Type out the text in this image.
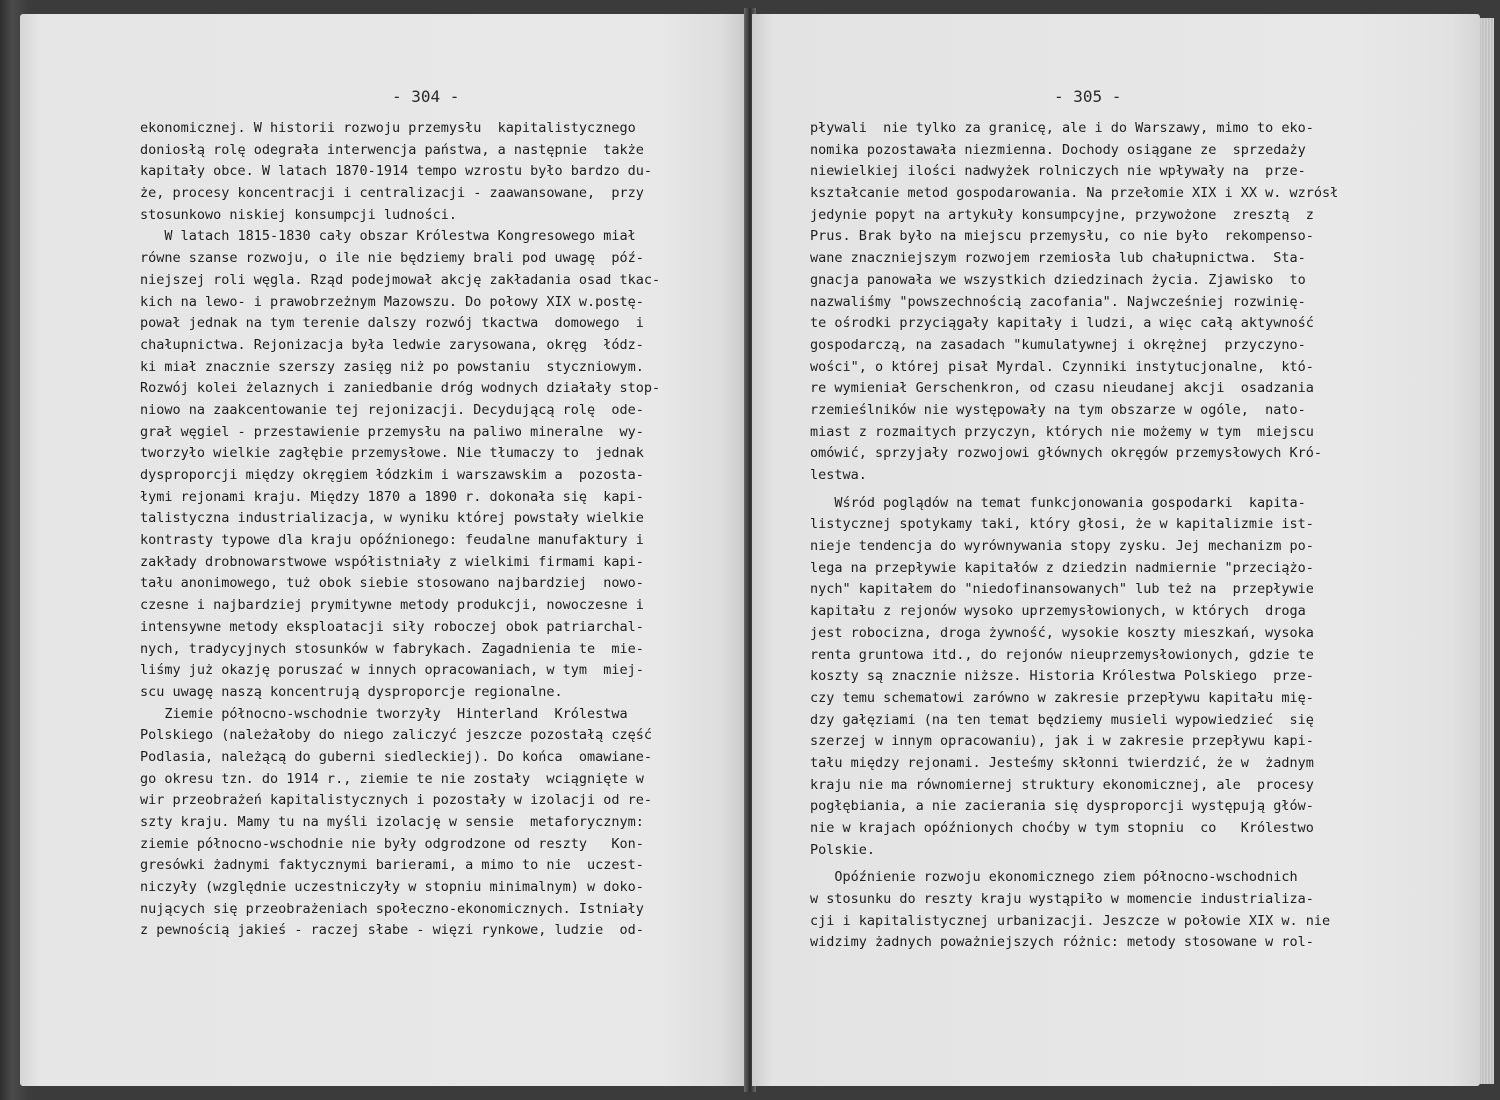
- 304 -
ekonomicznej. W historii rozwoju przemysłu  kapitalistycznego
doniosłą rolę odegrała interwencja państwa, a następnie  także
kapitały obce. W latach 1870-1914 tempo wzrostu było bardzo du-
że, procesy koncentracji i centralizacji - zaawansowane,  przy
stosunkowo niskiej konsumpcji ludności.
W latach 1815-1830 cały obszar Królestwa Kongresowego miał
równe szanse rozwoju, o ile nie będziemy brali pod uwagę  póź-
niejszej roli węgla. Rząd podejmował akcję zakładania osad tkac-
kich na lewo- i prawobrzeżnym Mazowszu. Do połowy XIX w.postę-
pował jednak na tym terenie dalszy rozwój tkactwa  domowego  i
chałupnictwa. Rejonizacja była ledwie zarysowana, okręg  łódz-
ki miał znacznie szerszy zasięg niż po powstaniu  styczniowym.
Rozwój kolei żelaznych i zaniedbanie dróg wodnych działały stop-
niowo na zaakcentowanie tej rejonizacji. Decydującą rolę  ode-
grał węgiel - przestawienie przemysłu na paliwo mineralne  wy-
tworzyło wielkie zagłębie przemysłowe. Nie tłumaczy to  jednak
dysproporcji między okręgiem łódzkim i warszawskim a  pozosta-
łymi rejonami kraju. Między 1870 a 1890 r. dokonała się  kapi-
talistyczna industrializacja, w wyniku której powstały wielkie
kontrasty typowe dla kraju opóźnionego: feudalne manufaktury i
zakłady drobnowarstwowe współistniały z wielkimi firmami kapi-
tału anonimowego, tuż obok siebie stosowano najbardziej  nowo-
czesne i najbardziej prymitywne metody produkcji, nowoczesne i
intensywne metody eksploatacji siły roboczej obok patriarchal-
nych, tradycyjnych stosunków w fabrykach. Zagadnienia te  mie-
liśmy już okazję poruszać w innych opracowaniach, w tym  miej-
scu uwagę naszą koncentrują dysproporcje regionalne.
Ziemie północno-wschodnie tworzyły  Hinterland  Królestwa
Polskiego (należałoby do niego zaliczyć jeszcze pozostałą część
Podlasia, należącą do guberni siedleckiej). Do końca  omawiane-
go okresu tzn. do 1914 r., ziemie te nie zostały  wciągnięte w
wir przeobrażeń kapitalistycznych i pozostały w izolacji od re-
szty kraju. Mamy tu na myśli izolację w sensie  metaforycznym:
ziemie północno-wschodnie nie były odgrodzone od reszty   Kon-
gresówki żadnymi faktycznymi barierami, a mimo to nie  uczest-
niczyły (względnie uczestniczyły w stopniu minimalnym) w doko-
nujących się przeobrażeniach społeczno-ekonomicznych. Istniały
z pewnością jakieś - raczej słabe - więzi rynkowe, ludzie  od-
- 305 -
pływali  nie tylko za granicę, ale i do Warszawy, mimo to eko-
nomika pozostawała niezmienna. Dochody osiągane ze  sprzedaży
niewielkiej ilości nadwyżek rolniczych nie wpływały na  prze-
kształcanie metod gospodarowania. Na przełomie XIX i XX w. wzrósł
jedynie popyt na artykuły konsumpcyjne, przywożone  zresztą  z
Prus. Brak było na miejscu przemysłu, co nie było  rekompenso-
wane znaczniejszym rozwojem rzemiosła lub chałupnictwa.  Sta-
gnacja panowała we wszystkich dziedzinach życia. Zjawisko  to
nazwaliśmy "powszechnością zacofania". Najwcześniej rozwinię-
te ośrodki przyciągały kapitały i ludzi, a więc całą aktywność
gospodarczą, na zasadach "kumulatywnej i okrężnej  przyczyno-
wości", o której pisał Myrdal. Czynniki instytucjonalne,  któ-
re wymieniał Gerschenkron, od czasu nieudanej akcji  osadzania
rzemieślników nie występowały na tym obszarze w ogóle,  nato-
miast z rozmaitych przyczyn, których nie możemy w tym  miejscu
omówić, sprzyjały rozwojowi głównych okręgów przemysłowych Kró-
lestwa.
Wśród poglądów na temat funkcjonowania gospodarki  kapita-
listycznej spotykamy taki, który głosi, że w kapitalizmie ist-
nieje tendencja do wyrównywania stopy zysku. Jej mechanizm po-
lega na przepływie kapitałów z dziedzin nadmiernie "przeciążo-
nych" kapitałem do "niedofinansowanych" lub też na  przepływie
kapitału z rejonów wysoko uprzemysłowionych, w których  droga
jest robocizna, droga żywność, wysokie koszty mieszkań, wysoka
renta gruntowa itd., do rejonów nieuprzemysłowionych, gdzie te
koszty są znacznie niższe. Historia Królestwa Polskiego  prze-
czy temu schematowi zarówno w zakresie przepływu kapitału mię-
dzy gałęziami (na ten temat będziemy musieli wypowiedzieć  się
szerzej w innym opracowaniu), jak i w zakresie przepływu kapi-
tału między rejonami. Jesteśmy skłonni twierdzić, że w  żadnym
kraju nie ma równomiernej struktury ekonomicznej, ale  procesy
pogłębiania, a nie zacierania się dysproporcji występują głów-
nie w krajach opóźnionych choćby w tym stopniu  co   Królestwo
Polskie.
Opóźnienie rozwoju ekonomicznego ziem północno-wschodnich
w stosunku do reszty kraju wystąpiło w momencie industrializa-
cji i kapitalistycznej urbanizacji. Jeszcze w połowie XIX w. nie
widzimy żadnych poważniejszych różnic: metody stosowane w rol-
